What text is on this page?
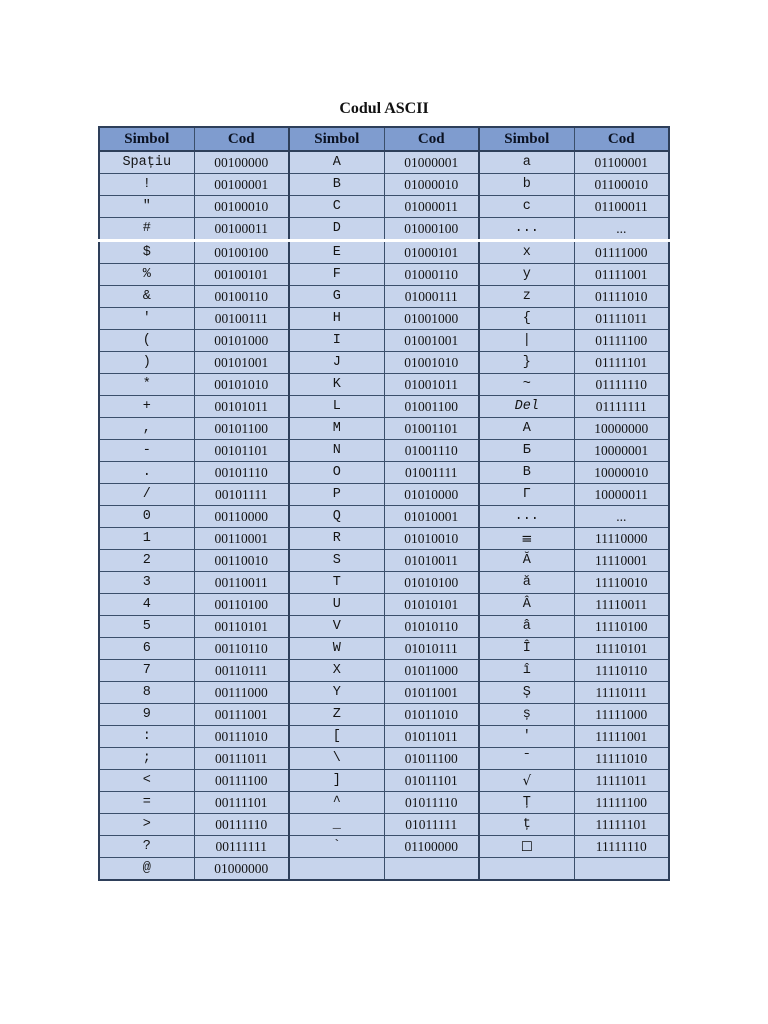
Codul ASCII
Simbol	Cod	Simbol	Cod	Simbol	Cod
Spațiu	00100000	A	01000001	a	01100001
!	00100001	B	01000010	b	01100010
"	00100010	C	01000011	c	01100011
#	00100011	D	01000100	...	...
$	00100100	E	01000101	x	01111000
%	00100101	F	01000110	y	01111001
&	00100110	G	01000111	z	01111010
'	00100111	H	01001000	{	01111011
(	00101000	I	01001001	|	01111100
)	00101001	J	01001010	}	01111101
*	00101010	K	01001011	~	01111110
+	00101011	L	01001100	Del	01111111
,	00101100	M	01001101	А	10000000
-	00101101	N	01001110	Б	10000001
.	00101110	O	01001111	В	10000010
/	00101111	P	01010000	Г	10000011
0	00110000	Q	01010001	...	...
1	00110001	R	01010010	≡	11110000
2	00110010	S	01010011	Ă	11110001
3	00110011	T	01010100	ă	11110010
4	00110100	U	01010101	Â	11110011
5	00110101	V	01010110	â	11110100
6	00110110	W	01010111	Î	11110101
7	00110111	X	01011000	î	11110110
8	00111000	Y	01011001	Ș	11110111
9	00111001	Z	01011010	ș	11111000
:	00111010	[	01011011	'	11111001
;	00111011	\	01011100	¯	11111010
<	00111100	]	01011101	√	11111011
=	00111101	^	01011110	Ț	11111100
>	00111110	_	01011111	ț	11111101
?	00111111	`	01100000	☐	11111110
@	01000000				
